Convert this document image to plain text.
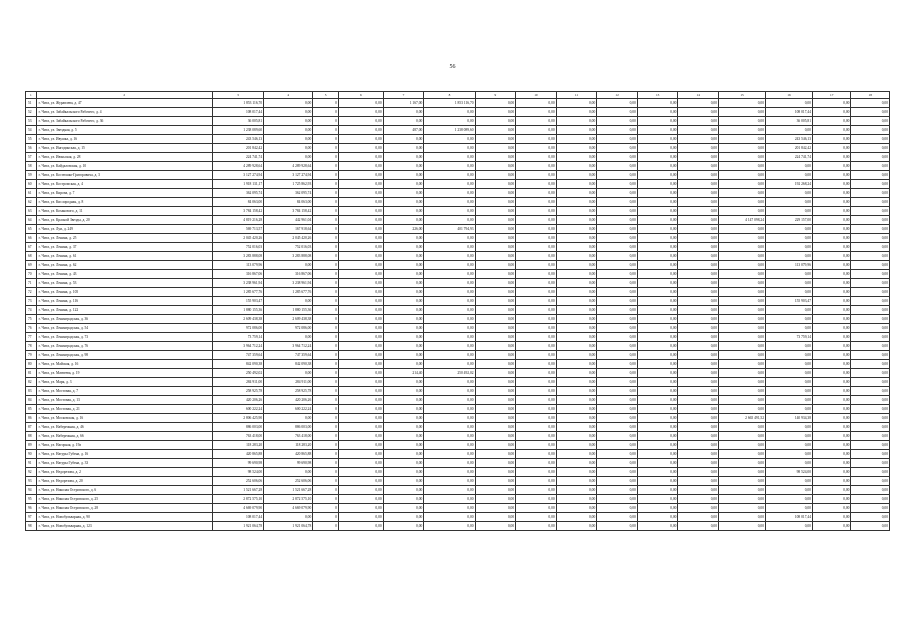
56
1	2	3	4	5	6	7	8	9	10	11	12	13	14	15	16	17	18
51	г. Чита, ул. Журавлева, д. 47	1 853 116,70	0,00	0	0,00	1 167,00	1 853 116,70	0,00	0,00	0,00	0,00	0,00	0,00	0,00	0,00	0,00	0,00
52	г. Чита, ул. Забайкальского Рабочего, д. 4	108 017,44	0,00	0	0,00	0,00	0,00	0,00	0,00	0,00	0,00	0,00	0,00	0,00	108 017,44	0,00	0,00
53	г. Чита, ул. Забайкальского Рабочего, д. 36	36 005,81	0,00	0	0,00	0,00	0,00	0,00	0,00	0,00	0,00	0,00	0,00	0,00	36 005,81	0,00	0,00
54	г. Чита, ул. Звездная, д. 5	1 238 089,60	0,00	0	0,00	487,00	1 238 089,60	0,00	0,00	0,00	0,00	0,00	0,00	0,00	0,00	0,00	0,00
55	г. Чита, ул. Ивушка, д. 16	243 546,13	0,00	0	0,00	0,00	0,00	0,00	0,00	0,00	0,00	0,00	0,00	0,00	243 546,13	0,00	0,00
56	г. Чита, ул. Ингодинская, д. 15	201 842,42	0,00	0	0,00	0,00	0,00	0,00	0,00	0,00	0,00	0,00	0,00	0,00	201 842,42	0,00	0,00
57	г. Чита, ул. Июньская, д. 28	224 741,74	0,00	0	0,00	0,00	0,00	0,00	0,00	0,00	0,00	0,00	0,00	0,00	224 741,74	0,00	0,00
58	г. Чита, ул. Кайдаловская, д. 10	4 289 928,64	4 289 928,64	0	0,00	0,00	0,00	0,00	0,00	0,00	0,00	0,00	0,00	0,00	0,00	0,00	0,00
59	г. Чита, ул. Костюшко-Григоровича, д. 3	3 127 274,94	3 127 274,94	0	0,00	0,00	0,00	0,00	0,00	0,00	0,00	0,00	0,00	0,00	0,00	0,00	0,00
60	г. Чита, ул. Костромская, д. 4	1 918 131,17	1 725 862,93	0	0,00	0,00	0,00	0,00	0,00	0,00	0,00	0,00	0,00	0,00	192 268,24	0,00	0,00
61	г. Чита, ул. Кирова, д. 7	362 095,74	362 095,74	0	0,00	0,00	0,00	0,00	0,00	0,00	0,00	0,00	0,00	0,00	0,00	0,00	0,00
62	г. Чита, ул. Кислородная, д. 8	84 063,00	84 063,00	0	0,00	0,00	0,00	0,00	0,00	0,00	0,00	0,00	0,00	0,00	0,00	0,00	0,00
63	г. Чита, ул. Коханового, д. 11	3 784 158,42	3 784 158,42	0	0,00	0,00	0,00	0,00	0,00	0,00	0,00	0,00	0,00	0,00	0,00	0,00	0,00
64	г. Чита, ул. Красной Звезды, д. 20	4 819 216,28	442 961,04	0	0,00	0,00	0,00	0,00	0,00	0,00	0,00	0,00	0,00	4 147 098,24	229 157,00	0,00	0,00
65	г. Чита, ул. Луи, д. 249	569 713,57	167 918,64	0	0,00	226,00	401 794,93	0,00	0,00	0,00	0,00	0,00	0,00	0,00	0,00	0,00	0,00
66	г. Чита, ул. Ленина, д. 25	2 045 420,26	2 045 420,26	0	0,00	0,00	0,00	0,00	0,00	0,00	0,00	0,00	0,00	0,00	0,00	0,00	0,00
67	г. Чита, ул. Ленина, д. 37	752 016,03	752 016,03	0	0,00	0,00	0,00	0,00	0,00	0,00	0,00	0,00	0,00	0,00	0,00	0,00	0,00
68	г. Чита, ул. Ленина, д. 61	3 283 888,08	3 283 888,08	0	0,00	0,00	0,00	0,00	0,00	0,00	0,00	0,00	0,00	0,00	0,00	0,00	0,00
69	г. Чита, ул. Ленина, д. 62	113 079,96	0,00	0	0,00	0,00	0,00	0,00	0,00	0,00	0,00	0,00	0,00	0,00	113 079,96	0,00	0,00
70	г. Чита, ул. Ленина, д. 43	316 867,06	316 867,06	0	0,00	0,00	0,00	0,00	0,00	0,00	0,00	0,00	0,00	0,00	0,00	0,00	0,00
71	г. Чита, ул. Ленина, д. 53	3 238 961,94	3 238 961,94	0	0,00	0,00	0,00	0,00	0,00	0,00	0,00	0,00	0,00	0,00	0,00	0,00	0,00
72	г. Чита, ул. Ленина, д. 105	1 285 677,76	1 285 677,76	0	0,00	0,00	0,00	0,00	0,00	0,00	0,00	0,00	0,00	0,00	0,00	0,00	0,00
73	г. Чита, ул. Ленина, д. 116	155 903,47	0,00	0	0,00	0,00	0,00	0,00	0,00	0,00	0,00	0,00	0,00	0,00	155 903,47	0,00	0,00
74	г. Чита, ул. Ленина, д. 122	1 880 155,36	1 880 155,36	0	0,00	0,00	0,00	0,00	0,00	0,00	0,00	0,00	0,00	0,00	0,00	0,00	0,00
75	г. Чита, ул. Ленинградская, д. 36	2 609 438,38	2 609 438,38	0	0,00	0,00	0,00	0,00	0,00	0,00	0,00	0,00	0,00	0,00	0,00	0,00	0,00
76	г. Чита, ул. Ленинградская, д. 54	972 086,00	972 086,00	0	0,00	0,00	0,00	0,00	0,00	0,00	0,00	0,00	0,00	0,00	0,00	0,00	0,00
77	г. Чита, ул. Ленинградская, д. 73	73 759,14	0,00	0	0,00	0,00	0,00	0,00	0,00	0,00	0,00	0,00	0,00	0,00	73 759,14	0,00	0,00
78	г. Чита, ул. Ленинградская, д. 76	3 964 712,24	3 964 712,24	0	0,00	0,00	0,00	0,00	0,00	0,00	0,00	0,00	0,00	0,00	0,00	0,00	0,00
79	г. Чита, ул. Ленинградская, д. 98	747 359,64	747 359,64	0	0,00	0,00	0,00	0,00	0,00	0,00	0,00	0,00	0,00	0,00	0,00	0,00	0,00
80	г. Чита, ул. Майская, д. 16	842 090,38	842 090,38	0	0,00	0,00	0,00	0,00	0,00	0,00	0,00	0,00	0,00	0,00	0,00	0,00	0,00
81	г. Чита, ул. Матвеева, д. 19	250 492,02	0,00	0	0,00	214,40	250 492,02	0,00	0,00	0,00	0,00	0,00	0,00	0,00	0,00	0,00	0,00
82	г. Чита, ул. Марк, д. 3	284 911,00	284 911,00	0	0,00	0,00	0,00	0,00	0,00	0,00	0,00	0,00	0,00	0,00	0,00	0,00	0,00
83	г. Чита, ул. Мостовая, д. 7	258 925,78	258 925,78	0	0,00	0,00	0,00	0,00	0,00	0,00	0,00	0,00	0,00	0,00	0,00	0,00	0,00
84	г. Чита, ул. Мостовая, д. 13	420 206,26	420 206,26	0	0,00	0,00	0,00	0,00	0,00	0,00	0,00	0,00	0,00	0,00	0,00	0,00	0,00
85	г. Чита, ул. Мостовая, д. 21	600 222,24	600 222,24	0	0,00	0,00	0,00	0,00	0,00	0,00	0,00	0,00	0,00	0,00	0,00	0,00	0,00
86	г. Чита, ул. Московская, д. 16	2 806 425,90	0,00	0	0,00	0,00	0,00	0,00	0,00	0,00	0,00	0,00	0,00	2 665 491,52	140 934,38	0,00	0,00
87	г. Чита, ул. Набережная, д. 46	886 003,00	886 003,00	0	0,00	0,00	0,00	0,00	0,00	0,00	0,00	0,00	0,00	0,00	0,00	0,00	0,00
88	г. Чита, ул. Набережная, д. 66	763 418,00	763 418,00	0	0,00	0,00	0,00	0,00	0,00	0,00	0,00	0,00	0,00	0,00	0,00	0,00	0,00
89	г. Чита, ул. Нагорная, д. 19а	118 283,20	118 283,20	0	0,00	0,00	0,00	0,00	0,00	0,00	0,00	0,00	0,00	0,00	0,00	0,00	0,00
90	г. Чита, ул. Натуры Губена, д. 16	420 865,88	420 865,88	0	0,00	0,00	0,00	0,00	0,00	0,00	0,00	0,00	0,00	0,00	0,00	0,00	0,00
91	г. Чита, ул. Натуры Губена, д. 33	99 690,98	99 690,98	0	0,00	0,00	0,00	0,00	0,00	0,00	0,00	0,00	0,00	0,00	0,00	0,00	0,00
92	г. Чита, ул. Недорезова, д. 2	98 524,00	0,00	0	0,00	0,00	0,00	0,00	0,00	0,00	0,00	0,00	0,00	0,00	98 524,00	0,00	0,00
93	г. Чита, ул. Недорезова, д. 20	252 606,06	252 606,06	0	0,00	0,00	0,00	0,00	0,00	0,00	0,00	0,00	0,00	0,00	0,00	0,00	0,00
94	г. Чита, ул. Николая Островского, д. 6	1 521 667,28	1 521 667,28	0	0,00	0,00	0,00	0,00	0,00	0,00	0,00	0,00	0,00	0,00	0,00	0,00	0,00
95	г. Чита, ул. Николая Островского, д. 25	2 872 575,10	2 872 575,10	0	0,00	0,00	0,00	0,00	0,00	0,00	0,00	0,00	0,00	0,00	0,00	0,00	0,00
96	г. Чита, ул. Николая Островского, д. 28	4 669 079,90	4 669 079,90	0	0,00	0,00	0,00	0,00	0,00	0,00	0,00	0,00	0,00	0,00	0,00	0,00	0,00
97	г. Чита, ул. Новобульварная, д. 90	108 017,44	0,00	0	0,00	0,00	0,00	0,00	0,00	0,00	0,00	0,00	0,00	0,00	108 017,44	0,00	0,00
98	г. Чита, ул. Новобульварная, д. 123	1 921 064,78	1 921 064,78	0	0,00	0,00	0,00	0,00	0,00	0,00	0,00	0,00	0,00	0,00	0,00	0,00	0,00
